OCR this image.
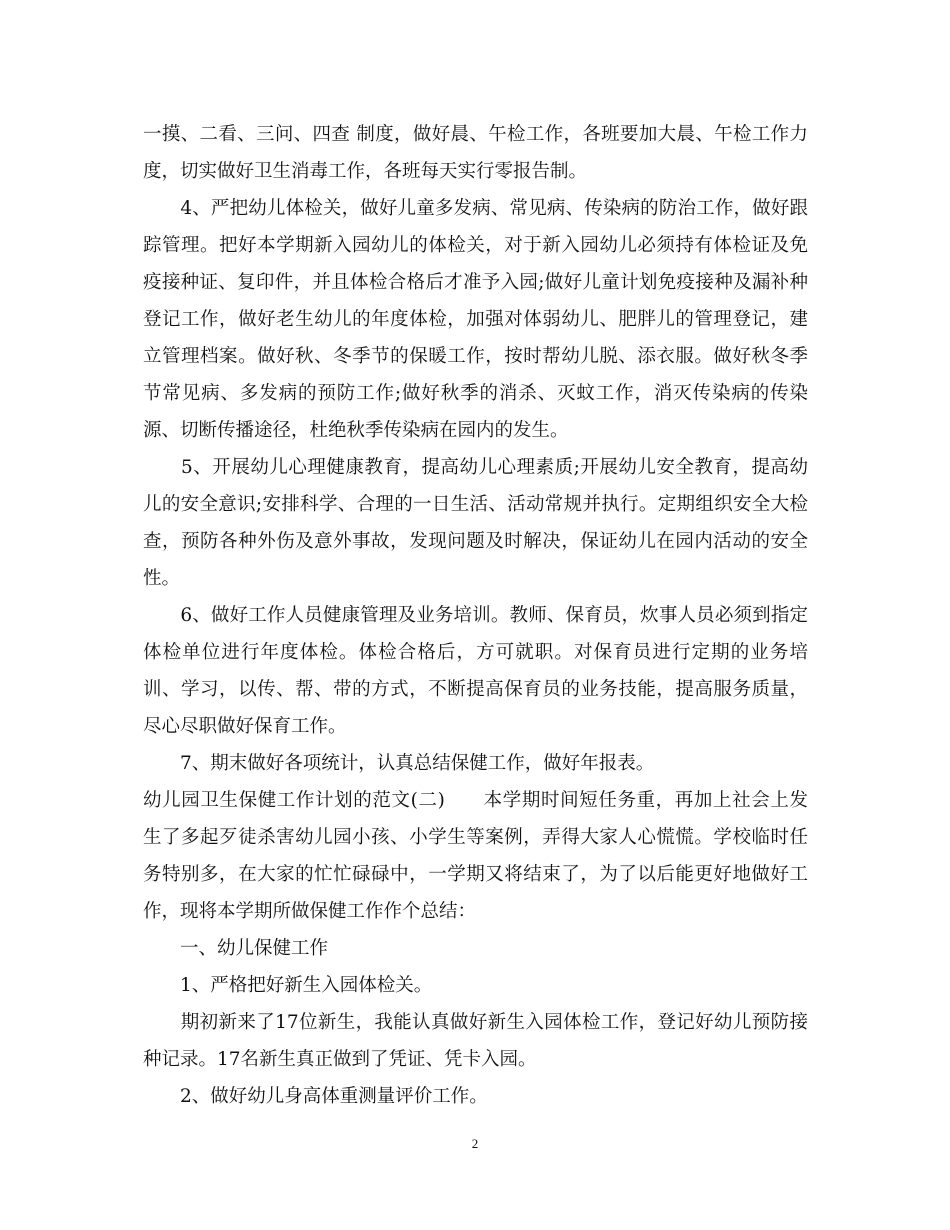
一摸、二看、三问、四查 制度，做好晨、午检工作，各班要加大晨、午检工作力
度，切实做好卫生消毒工作，各班每天实行零报告制。
　　4、严把幼儿体检关，做好儿童多发病、常见病、传染病的防治工作，做好跟
踪管理。把好本学期新入园幼儿的体检关，对于新入园幼儿必须持有体检证及免
疫接种证、复印件，并且体检合格后才准予入园;做好儿童计划免疫接种及漏补种
登记工作，做好老生幼儿的年度体检，加强对体弱幼儿、肥胖儿的管理登记，建
立管理档案。做好秋、冬季节的保暖工作，按时帮幼儿脱、添衣服。做好秋冬季
节常见病、多发病的预防工作;做好秋季的消杀、灭蚊工作，消灭传染病的传染
源、切断传播途径，杜绝秋季传染病在园内的发生。
　　5、开展幼儿心理健康教育，提高幼儿心理素质;开展幼儿安全教育，提高幼
儿的安全意识;安排科学、合理的一日生活、活动常规并执行。定期组织安全大检
查，预防各种外伤及意外事故，发现问题及时解决，保证幼儿在园内活动的安全
性。
　　6、做好工作人员健康管理及业务培训。教师、保育员，炊事人员必须到指定
体检单位进行年度体检。体检合格后，方可就职。对保育员进行定期的业务培
训、学习，以传、帮、带的方式，不断提高保育员的业务技能，提高服务质量，
尽心尽职做好保育工作。
　　7、期末做好各项统计，认真总结保健工作，做好年报表。
幼儿园卫生保健工作计划的范文(二)　　本学期时间短任务重，再加上社会上发
生了多起歹徒杀害幼儿园小孩、小学生等案例，弄得大家人心慌慌。学校临时任
务特别多，在大家的忙忙碌碌中，一学期又将结束了，为了以后能更好地做好工
作，现将本学期所做保健工作作个总结：
　　一、幼儿保健工作
　　1、严格把好新生入园体检关。
　　期初新来了17位新生，我能认真做好新生入园体检工作，登记好幼儿预防接
种记录。17名新生真正做到了凭证、凭卡入园。
　　2、做好幼儿身高体重测量评价工作。
2
